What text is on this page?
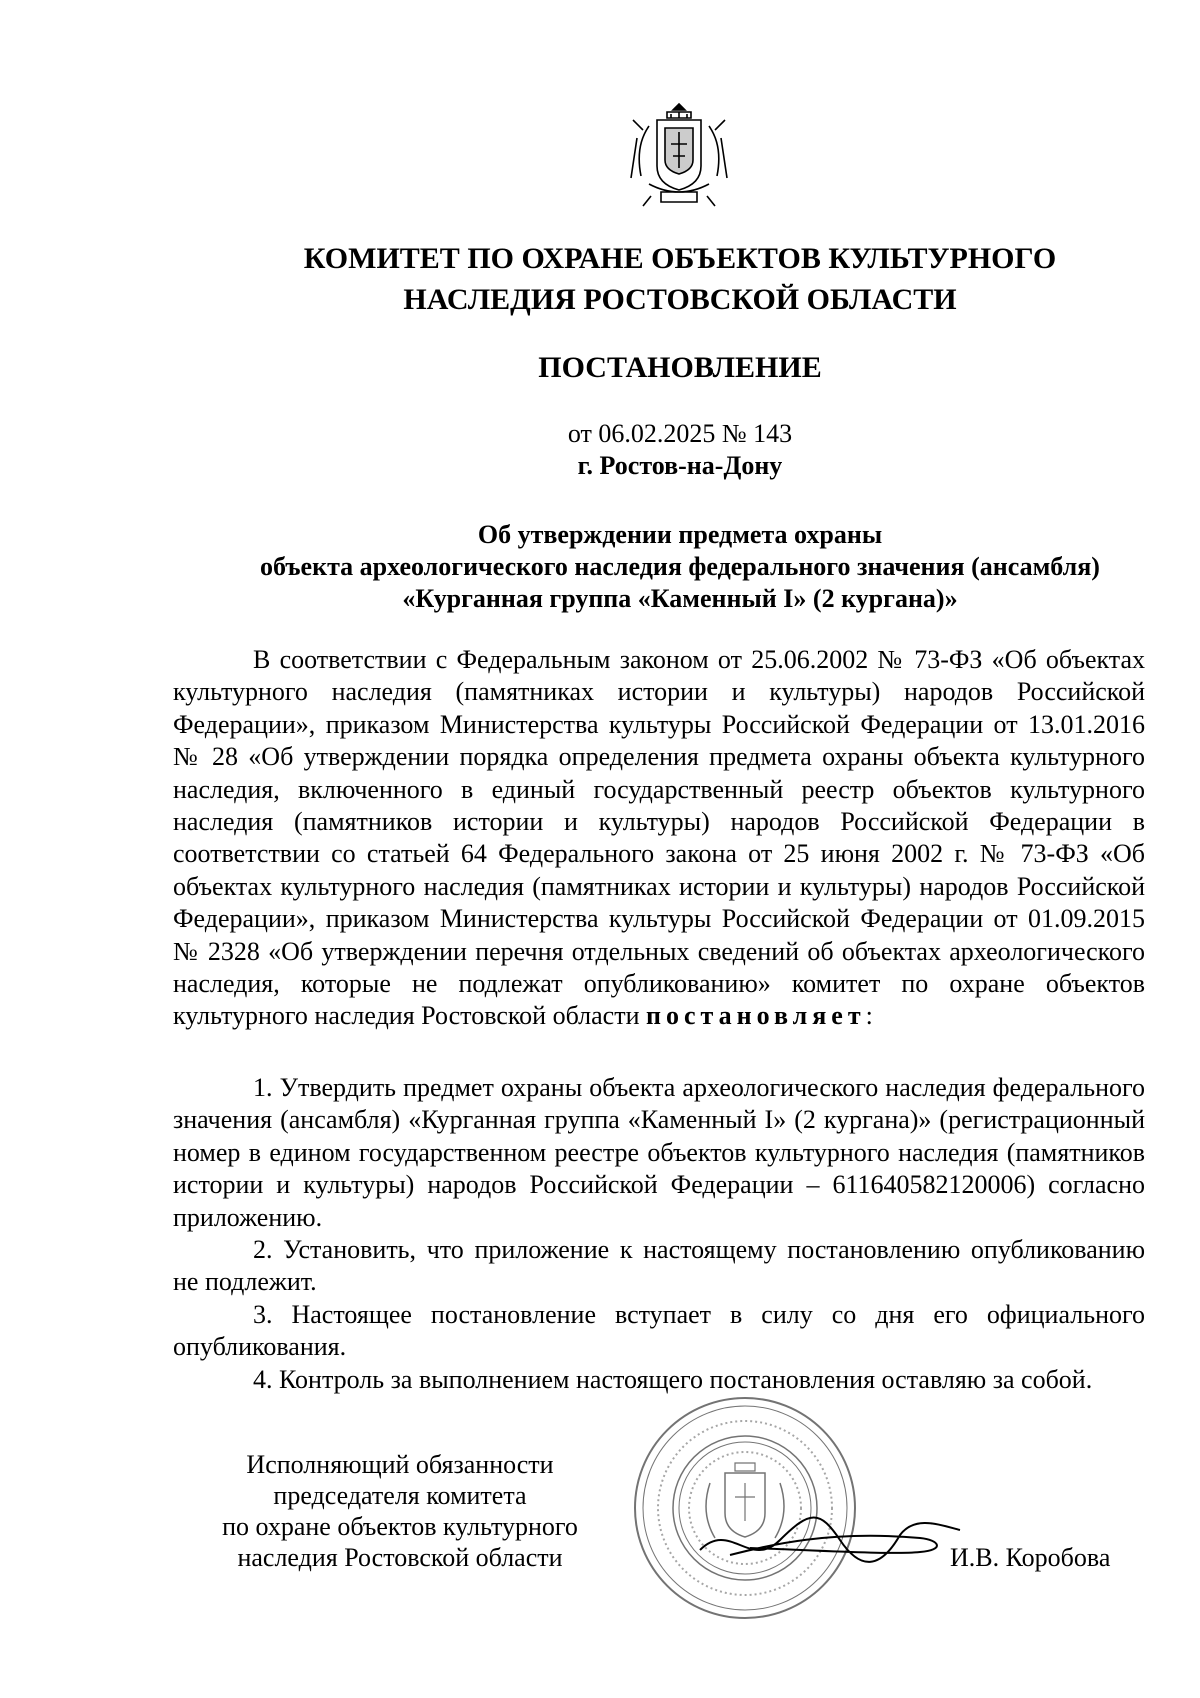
КОМИТЕТ ПО ОХРАНЕ ОБЪЕКТОВ КУЛЬТУРНОГО
НАСЛЕДИЯ РОСТОВСКОЙ ОБЛАСТИ
ПОСТАНОВЛЕНИЕ
от 06.02.2025 № 143
г. Ростов-на-Дону
Об утверждении предмета охраны
объекта археологического наследия федерального значения (ансамбля)
«Курганная группа «Каменный I» (2 кургана)»

В соответствии с Федеральным законом от 25.06.2002 № 73-ФЗ «Об объектах культурного наследия (памятниках истории и культуры) народов Российской Федерации», приказом Министерства культуры Российской Федерации от 13.01.2016 № 28 «Об утверждении порядка определения предмета охраны объекта культурного наследия, включенного в единый государственный реестр объектов культурного наследия (памятников истории и культуры) народов Российской Федерации в соответствии со статьей 64 Федерального закона от 25 июня 2002 г. № 73-ФЗ «Об объектах культурного наследия (памятниках истории и культуры) народов Российской Федерации», приказом Министерства культуры Российской Федерации от 01.09.2015 № 2328 «Об утверждении перечня отдельных сведений об объектах археологического наследия, которые не подлежат опубликованию» комитет по охране объектов культурного наследия Ростовской области постановляет:

1. Утвердить предмет охраны объекта археологического наследия федерального значения (ансамбля) «Курганная группа «Каменный I» (2 кургана)» (регистрационный номер в едином государственном реестре объектов культурного наследия (памятников истории и культуры) народов Российской Федерации – 611640582120006) согласно приложению.

2. Установить, что приложение к настоящему постановлению опубликованию не подлежит.

3. Настоящее постановление вступает в силу со дня его официального опубликования.

4. Контроль за выполнением настоящего постановления оставляю за собой.

Исполняющий обязанности
председателя комитета
по охране объектов культурного
наследия Ростовской области	И.В. Коробова
